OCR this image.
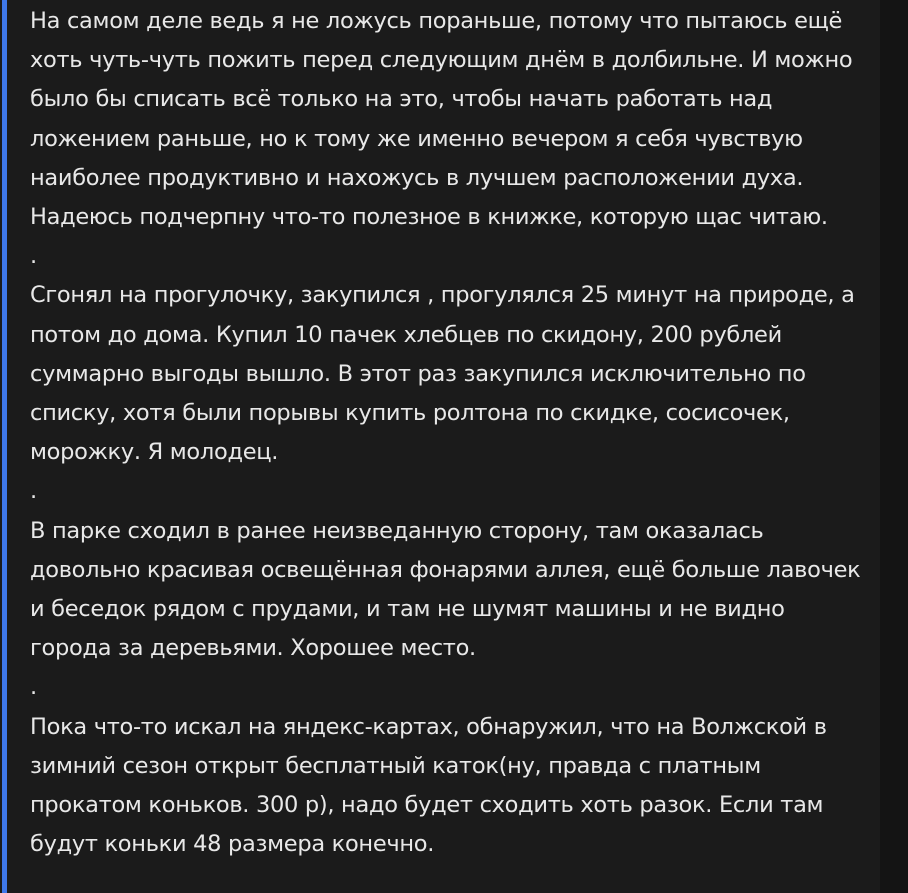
На самом деле ведь я не ложусь пораньше, потому что пытаюсь ещё хоть чуть-чуть пожить перед следующим днём в долбильне. И можно было бы списать всё только на это, чтобы начать работать над ложением раньше, но к тому же именно вечером я себя чувствую наиболее продуктивно и нахожусь в лучшем расположении духа. Надеюсь подчерпну что-то полезное в книжке, которую щас читаю.

.

Сгонял на прогулочку, закупился , прогулялся 25 минут на природе, а потом до дома. Купил 10 пачек хлебцев по скидону, 200 рублей суммарно выгоды вышло. В этот раз закупился исключительно по списку, хотя были порывы купить ролтона по скидке, сосисочек, морожку. Я молодец.

.

В парке сходил в ранее неизведанную сторону, там оказалась довольно красивая освещённая фонарями аллея, ещё больше лавочек и беседок рядом с прудами, и там не шумят машины и не видно города за деревьями. Хорошее место.

.

Пока что-то искал на яндекс-картах, обнаружил, что на Волжской в зимний сезон открыт бесплатный каток(ну, правда с платным прокатом коньков. 300 р), надо будет сходить хоть разок. Если там будут коньки 48 размера конечно.
